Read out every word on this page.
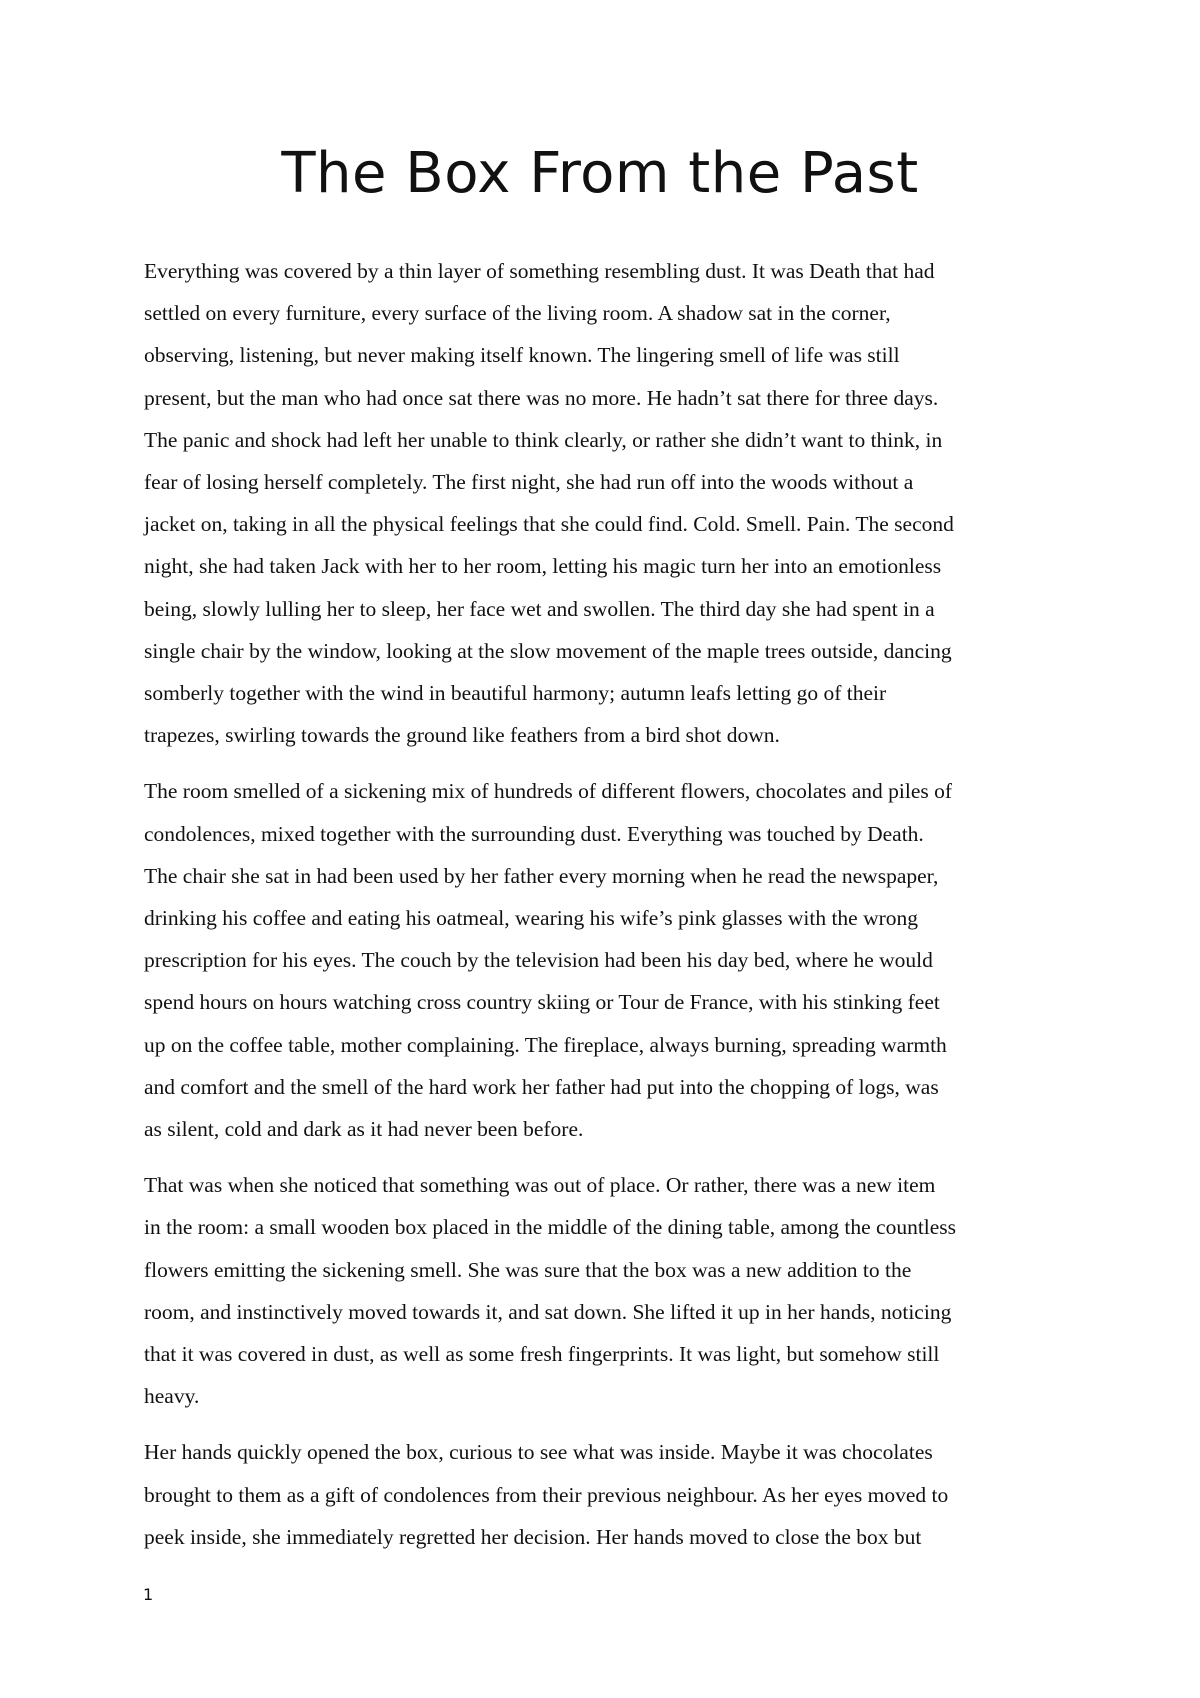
The Box From the Past

Everything was covered by a thin layer of something resembling dust. It was Death that had
settled on every furniture, every surface of the living room. A shadow sat in the corner,
observing, listening, but never making itself known. The lingering smell of life was still
present, but the man who had once sat there was no more. He hadn’t sat there for three days.
The panic and shock had left her unable to think clearly, or rather she didn’t want to think, in
fear of losing herself completely. The first night, she had run off into the woods without a
jacket on, taking in all the physical feelings that she could find. Cold. Smell. Pain. The second
night, she had taken Jack with her to her room, letting his magic turn her into an emotionless
being, slowly lulling her to sleep, her face wet and swollen. The third day she had spent in a
single chair by the window, looking at the slow movement of the maple trees outside, dancing
somberly together with the wind in beautiful harmony; autumn leafs letting go of their
trapezes, swirling towards the ground like feathers from a bird shot down.

The room smelled of a sickening mix of hundreds of different flowers, chocolates and piles of
condolences, mixed together with the surrounding dust. Everything was touched by Death.
The chair she sat in had been used by her father every morning when he read the newspaper,
drinking his coffee and eating his oatmeal, wearing his wife’s pink glasses with the wrong
prescription for his eyes. The couch by the television had been his day bed, where he would
spend hours on hours watching cross country skiing or Tour de France, with his stinking feet
up on the coffee table, mother complaining. The fireplace, always burning, spreading warmth
and comfort and the smell of the hard work her father had put into the chopping of logs, was
as silent, cold and dark as it had never been before.

That was when she noticed that something was out of place. Or rather, there was a new item
in the room: a small wooden box placed in the middle of the dining table, among the countless
flowers emitting the sickening smell. She was sure that the box was a new addition to the
room, and instinctively moved towards it, and sat down. She lifted it up in her hands, noticing
that it was covered in dust, as well as some fresh fingerprints. It was light, but somehow still
heavy.

Her hands quickly opened the box, curious to see what was inside. Maybe it was chocolates
brought to them as a gift of condolences from their previous neighbour. As her eyes moved to
peek inside, she immediately regretted her decision. Her hands moved to close the box but

1
